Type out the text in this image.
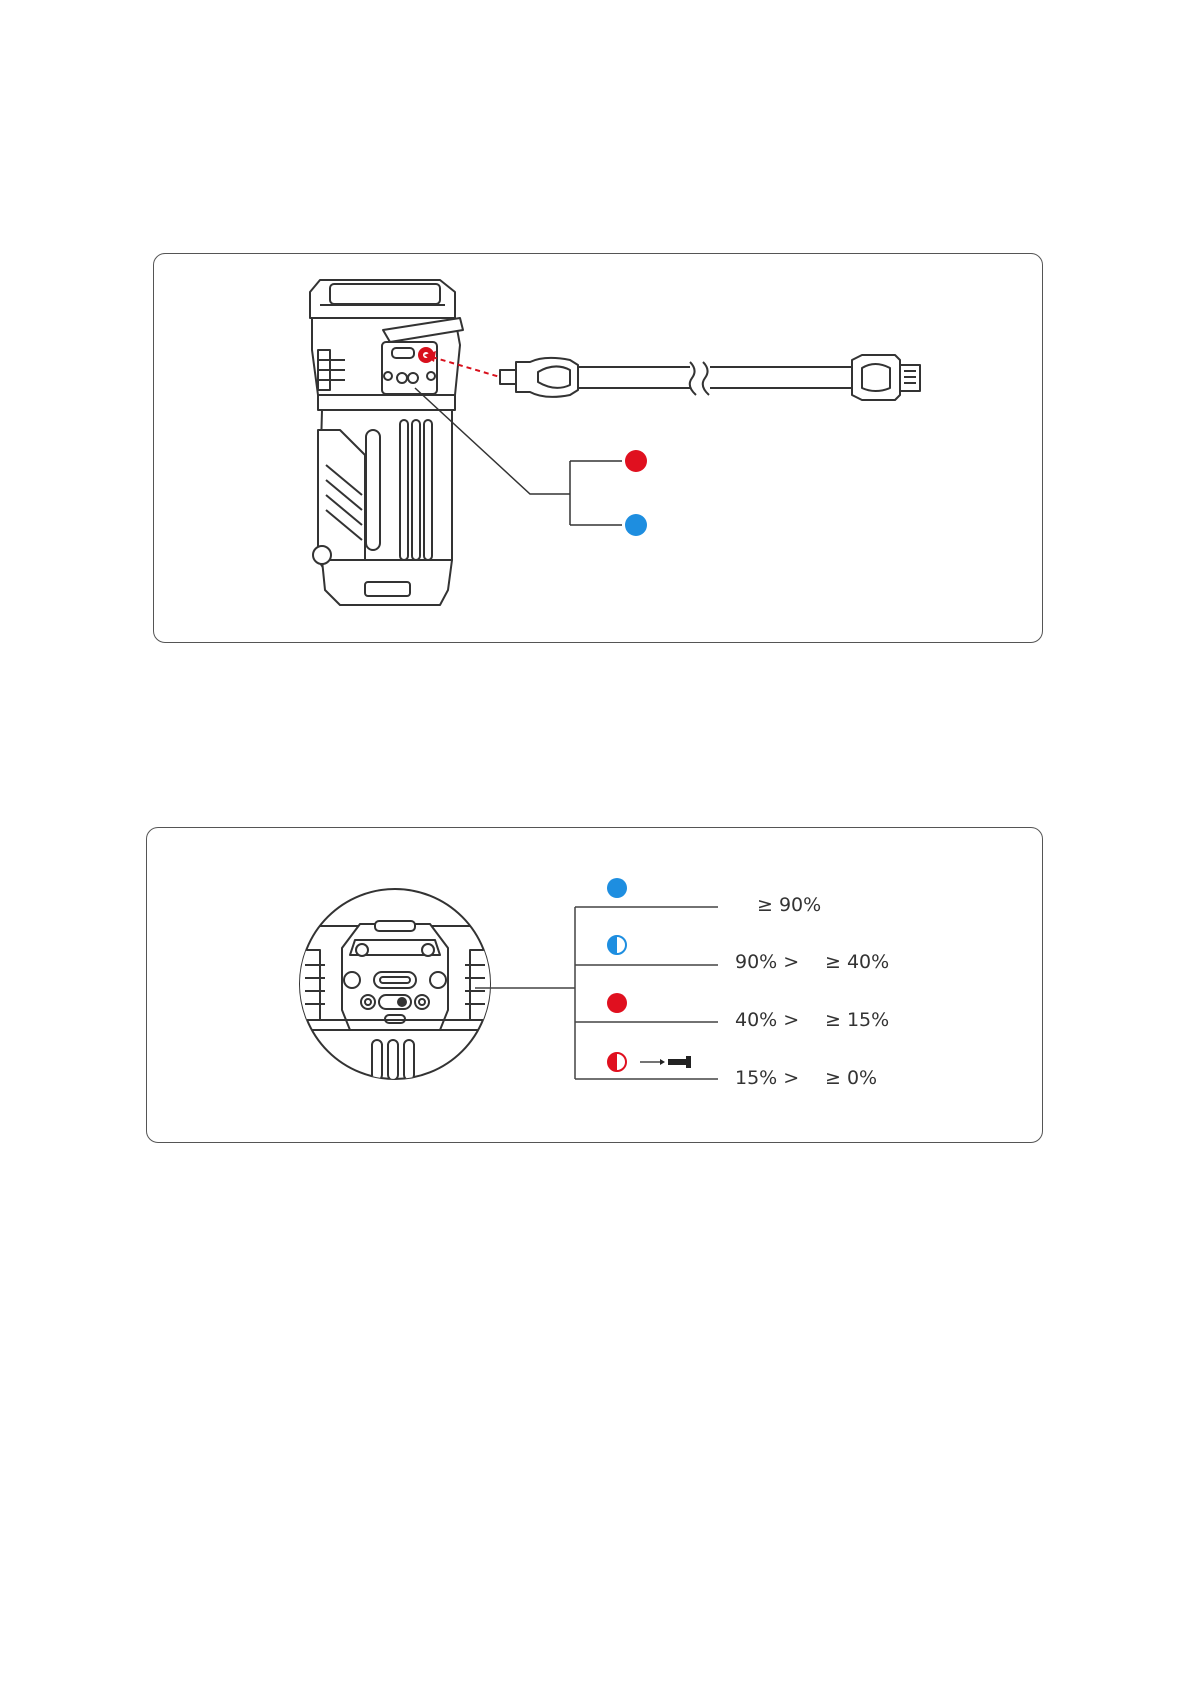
≥ 90%
90% > ≥ 40%
40% > ≥ 15%
15% > ≥ 0%
